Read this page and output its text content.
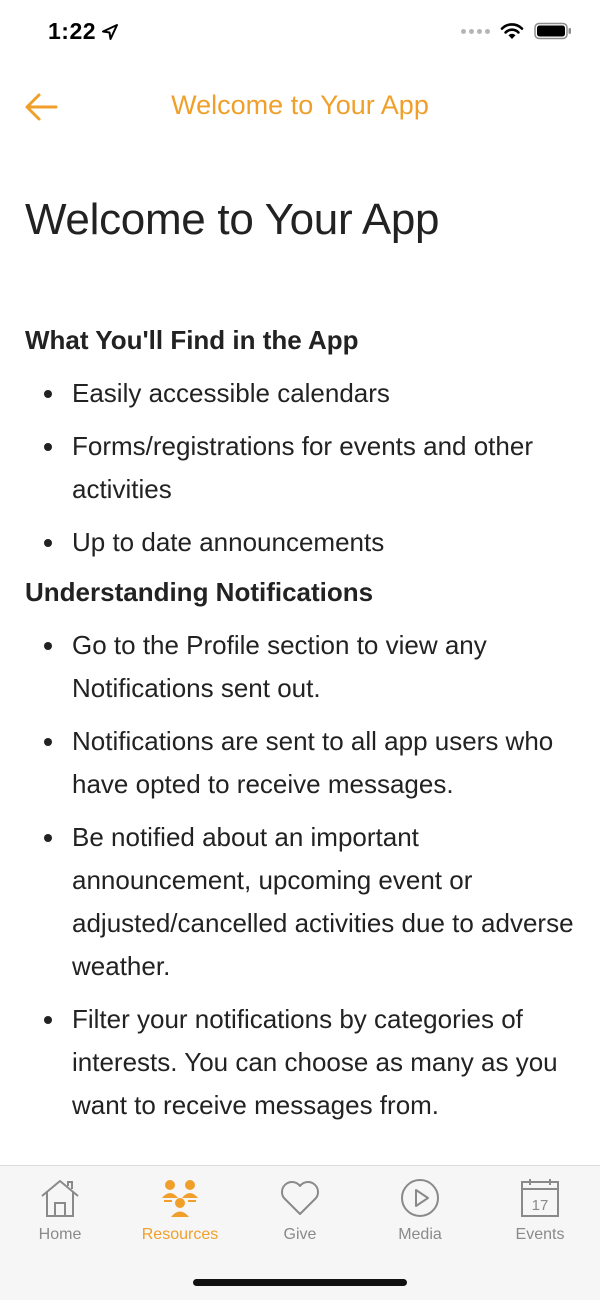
1:22
Welcome to Your App
Welcome to Your App
What You'll Find in the App
Easily accessible calendars
Forms/registrations for events and other activities
Up to date announcements
Understanding Notifications
Go to the Profile section to view any Notifications sent out.
Notifications are sent to all app users who have opted to receive messages.
Be notified about an important announcement, upcoming event or adjusted/cancelled activities due to adverse weather.
Filter your notifications by categories of interests. You can choose as many as you want to receive messages from.
Home	Resources	Give	Media
17
Events
